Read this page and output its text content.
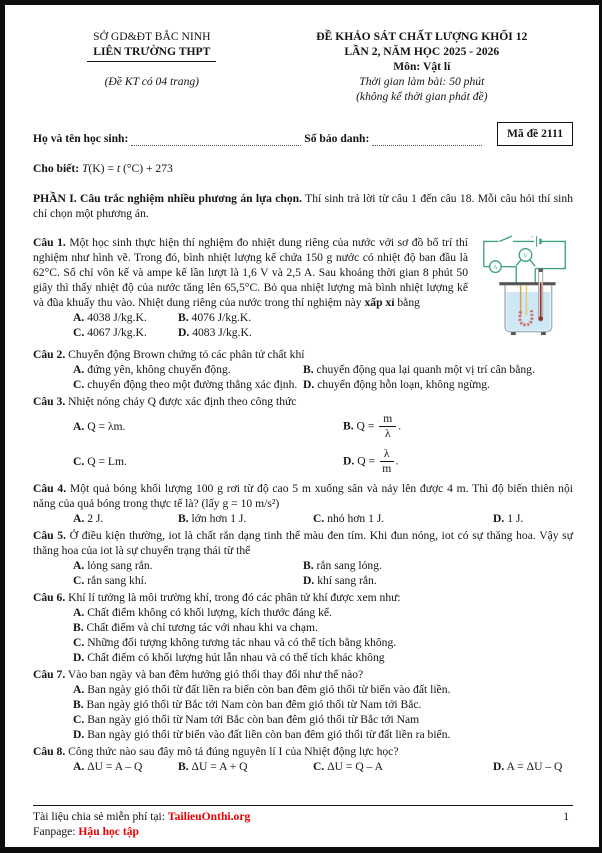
SỞ GD&ĐT BẮC NINH
LIÊN TRƯỜNG THPT
(Đề KT có 04 trang)
ĐỀ KHẢO SÁT CHẤT LƯỢNG KHỐI 12
LẦN 2, NĂM HỌC 2025 - 2026
Môn: Vật lí
Thời gian làm bài: 50 phút
(không kể thời gian phát đề)
Họ và tên học sinh:	Số báo danh:	Mã đề 2111
Cho biết: T(K) = t (°C) + 273

PHẦN I. Câu trắc nghiệm nhiều phương án lựa chọn. Thí sinh trả lời từ câu 1 đến câu 18. Mỗi câu hỏi thí sinh chỉ chọn một phương án.

A
V
+

Câu 1. Một học sinh thực hiện thí nghiệm đo nhiệt dung riêng của nước với sơ đồ bố trí thí nghiệm như hình vẽ. Trong đó, bình nhiệt lượng kế chứa 150 g nước có nhiệt độ ban đầu là 62°C. Số chỉ vôn kế và ampe kế lần lượt là 1,6 V và 2,5 A. Sau khoảng thời gian 8 phút 50 giây thì thấy nhiệt độ của nước tăng lên 65,5°C. Bỏ qua nhiệt lượng mà bình nhiệt lượng kế và đũa khuấy thu vào. Nhiệt dung riêng của nước trong thí nghiệm này xấp xỉ bằng

A. 4038 J/kg.K.	B. 4076 J/kg.K.
C. 4067 J/kg.K.	D. 4083 J/kg.K.

Câu 2. Chuyển động Brown chứng tỏ các phân tử chất khí

A. đứng yên, không chuyển động.	B. chuyển động qua lại quanh một vị trí cân bằng.
C. chuyển động theo một đường thẳng xác định. D. chuyển động hỗn loạn, không ngừng.

Câu 3. Nhiệt nóng chảy Q được xác định theo công thức

A. Q = λm.	B. $Q = \frac{m}{\lambda}$ .
C. Q = Lm.	D. $Q = \frac{\lambda}{m}$ .

Câu 4. Một quả bóng khối lượng 100 g rơi từ độ cao 5 m xuống sân và nảy lên được 4 m. Thì độ biến thiên nội năng của quả bóng trong thực tế là? (lấy g = 10 m/s²)

A. 2 J.	B. lớn hơn 1 J.	C. nhỏ hơn 1 J.	D. 1 J.

Câu 5. Ở điều kiện thường, iot là chất rắn dạng tinh thể màu đen tím. Khi đun nóng, iot có sự thăng hoa. Vậy sự thăng hoa của iot là sự chuyển trạng thái từ thể

A. lỏng sang rắn.	B. rắn sang lỏng.
C. rắn sang khí.	D. khí sang rắn.

Câu 6. Khí lí tưởng là môi trường khí, trong đó các phân tử khí được xem như:

A. Chất điểm không có khối lượng, kích thước đáng kể.
B. Chất điểm và chỉ tương tác với nhau khi va chạm.
C. Những đối tượng không tương tác nhau và có thể tích bằng không.
D. Chất điểm có khối lượng hút lẫn nhau và có thể tích khác không

Câu 7. Vào ban ngày và ban đêm hướng gió thổi thay đổi như thế nào?

A. Ban ngày gió thổi từ đất liền ra biển còn ban đêm gió thổi từ biển vào đất liền.
B. Ban ngày gió thổi từ Bắc tới Nam còn ban đêm gió thổi từ Nam tới Bắc.
C. Ban ngày gió thổi từ Nam tới Bắc còn ban đêm gió thổi từ Bắc tới Nam
D. Ban ngày gió thổi từ biển vào đất liền còn ban đêm gió thổi từ đất liền ra biển.

Câu 8. Công thức nào sau đây mô tả đúng nguyên lí I của Nhiệt động lực học?

A. ΔU = A – Q	B. ΔU = A + Q	C. ΔU = Q – A	D. A = ΔU – Q
Tài liệu chia sẻ miễn phí tại: TailieuOnthi.org
Fanpage: Hậu học tập
1
